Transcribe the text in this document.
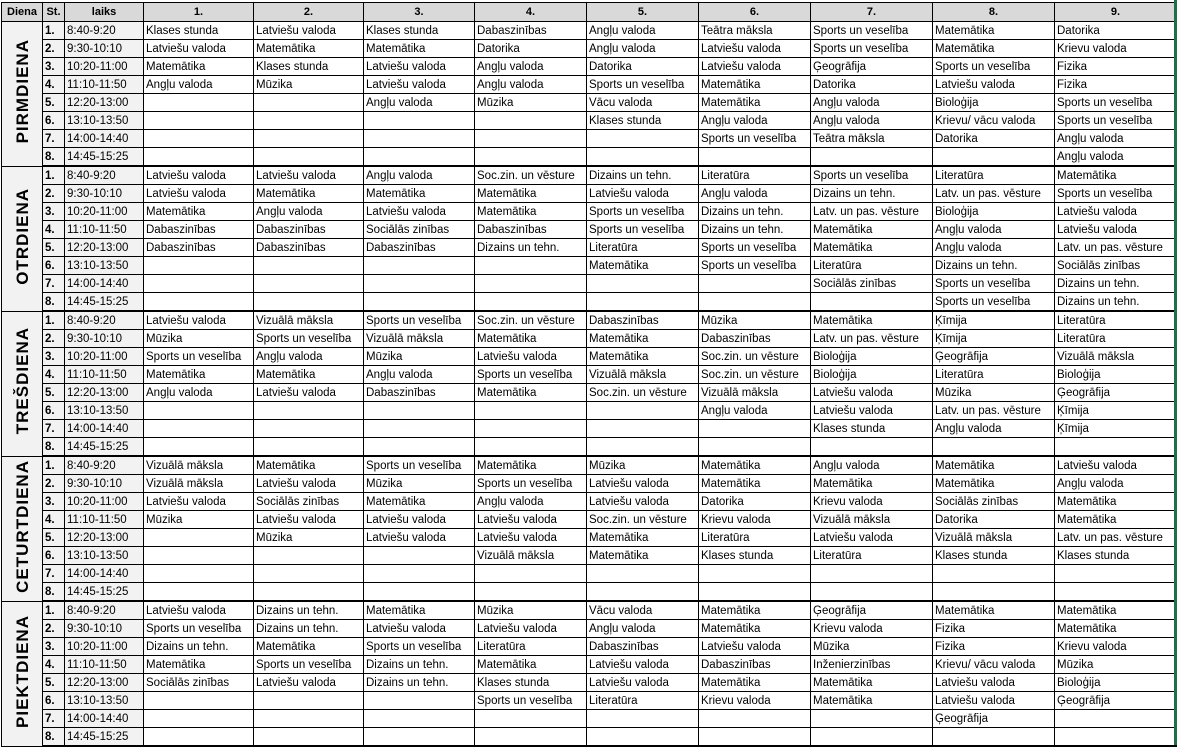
Diena	St.	laiks	1.	2.	3.	4.	5.	6.	7.	8.	9.
PIRMDIENA	1.	8:40-9:20	Klases stunda	Latviešu valoda	Klases stunda	Dabaszinības	Angļu valoda	Teātra māksla	Sports un veselība	Matemātika	Datorika
	2.	9:30-10:10	Latviešu valoda	Matemātika	Matemātika	Datorika	Angļu valoda	Latviešu valoda	Sports un veselība	Matemātika	Krievu valoda
	3.	10:20-11:00	Matemātika	Klases stunda	Latviešu valoda	Angļu valoda	Datorika	Latviešu valoda	Ģeogrāfija	Sports un veselība	Fizika
	4.	11:10-11:50	Angļu valoda	Mūzika	Latviešu valoda	Angļu valoda	Sports un veselība	Matemātika	Datorika	Latviešu valoda	Fizika
	5.	12:20-13:00			Angļu valoda	Mūzika	Vācu valoda	Matemātika	Angļu valoda	Bioloģija	Sports un veselība
	6.	13:10-13:50					Klases stunda	Angļu valoda	Angļu valoda	Krievu/ vācu valoda	Sports un veselība
	7.	14:00-14:40						Sports un veselība	Teātra māksla	Datorika	Angļu valoda
	8.	14:45-15:25									Angļu valoda
OTRDIENA	1.	8:40-9:20	Latviešu valoda	Latviešu valoda	Angļu valoda	Soc.zin. un vēsture	Dizains un tehn.	Literatūra	Sports un veselība	Literatūra	Matemātika
	2.	9:30-10:10	Latviešu valoda	Matemātika	Matemātika	Matemātika	Latviešu valoda	Angļu valoda	Dizains un tehn.	Latv. un pas. vēsture	Sports un veselība
	3.	10:20-11:00	Matemātika	Angļu valoda	Latviešu valoda	Matemātika	Sports un veselība	Dizains un tehn.	Latv. un pas. vēsture	Bioloģija	Latviešu valoda
	4.	11:10-11:50	Dabaszinības	Dabaszinības	Sociālās zinības	Dabaszinības	Sports un veselība	Dizains un tehn.	Matemātika	Angļu valoda	Latviešu valoda
	5.	12:20-13:00	Dabaszinības	Dabaszinības	Dabaszinības	Dizains un tehn.	Literatūra	Sports un veselība	Matemātika	Angļu valoda	Latv. un pas. vēsture
	6.	13:10-13:50					Matemātika	Sports un veselība	Literatūra	Dizains un tehn.	Sociālās zinības
	7.	14:00-14:40							Sociālās zinības	Sports un veselība	Dizains un tehn.
	8.	14:45-15:25								Sports un veselība	Dizains un tehn.
TREŠDIENA	1.	8:40-9:20	Latviešu valoda	Vizuālā māksla	Sports un veselība	Soc.zin. un vēsture	Dabaszinības	Mūzika	Matemātika	Ķīmija	Literatūra
	2.	9:30-10:10	Mūzika	Sports un veselība	Vizuālā māksla	Matemātika	Matemātika	Dabaszinības	Latv. un pas. vēsture	Ķīmija	Literatūra
	3.	10:20-11:00	Sports un veselība	Angļu valoda	Mūzika	Latviešu valoda	Matemātika	Soc.zin. un vēsture	Bioloģija	Ģeogrāfija	Vizuālā māksla
	4.	11:10-11:50	Matemātika	Matemātika	Angļu valoda	Sports un veselība	Vizuālā māksla	Soc.zin. un vēsture	Bioloģija	Literatūra	Bioloģija
	5.	12:20-13:00	Angļu valoda	Latviešu valoda	Dabaszinības	Matemātika	Soc.zin. un vēsture	Vizuālā māksla	Latviešu valoda	Mūzika	Ģeogrāfija
	6.	13:10-13:50						Angļu valoda	Latviešu valoda	Latv. un pas. vēsture	Ķīmija
	7.	14:00-14:40							Klases stunda	Angļu valoda	Ķīmija
	8.	14:45-15:25									
CETURTDIENA	1.	8:40-9:20	Vizuālā māksla	Matemātika	Sports un veselība	Matemātika	Mūzika	Matemātika	Angļu valoda	Matemātika	Latviešu valoda
	2.	9:30-10:10	Vizuālā māksla	Latviešu valoda	Mūzika	Sports un veselība	Latviešu valoda	Matemātika	Matemātika	Matemātika	Angļu valoda
	3.	10:20-11:00	Latviešu valoda	Sociālās zinības	Matemātika	Angļu valoda	Latviešu valoda	Datorika	Krievu valoda	Sociālās zinības	Matemātika
	4.	11:10-11:50	Mūzika	Latviešu valoda	Latviešu valoda	Latviešu valoda	Soc.zin. un vēsture	Krievu valoda	Vizuālā māksla	Datorika	Matemātika
	5.	12:20-13:00		Mūzika	Latviešu valoda	Latviešu valoda	Matemātika	Literatūra	Latviešu valoda	Vizuālā māksla	Latv. un pas. vēsture
	6.	13:10-13:50				Vizuālā māksla	Matemātika	Klases stunda	Literatūra	Klases stunda	Klases stunda
	7.	14:00-14:40									
	8.	14:45-15:25									
PIEKTDIENA	1.	8:40-9:20	Latviešu valoda	Dizains un tehn.	Matemātika	Mūzika	Vācu valoda	Matemātika	Ģeogrāfija	Matemātika	Matemātika
	2.	9:30-10:10	Sports un veselība	Dizains un tehn.	Latviešu valoda	Latviešu valoda	Angļu valoda	Matemātika	Krievu valoda	Fizika	Matemātika
	3.	10:20-11:00	Dizains un tehn.	Matemātika	Sports un veselība	Literatūra	Dabaszinības	Latviešu valoda	Mūzika	Fizika	Krievu valoda
	4.	11:10-11:50	Matemātika	Sports un veselība	Dizains un tehn.	Matemātika	Latviešu valoda	Dabaszinības	Inženierzinības	Krievu/ vācu valoda	Mūzika
	5.	12:20-13:00	Sociālās zinības	Latviešu valoda	Dizains un tehn.	Klases stunda	Latviešu valoda	Matemātika	Matemātika	Latviešu valoda	Bioloģija
	6.	13:10-13:50				Sports un veselība	Literatūra	Krievu valoda	Matemātika	Latviešu valoda	Ģeogrāfija
	7.	14:00-14:40								Ģeogrāfija	
	8.	14:45-15:25									
